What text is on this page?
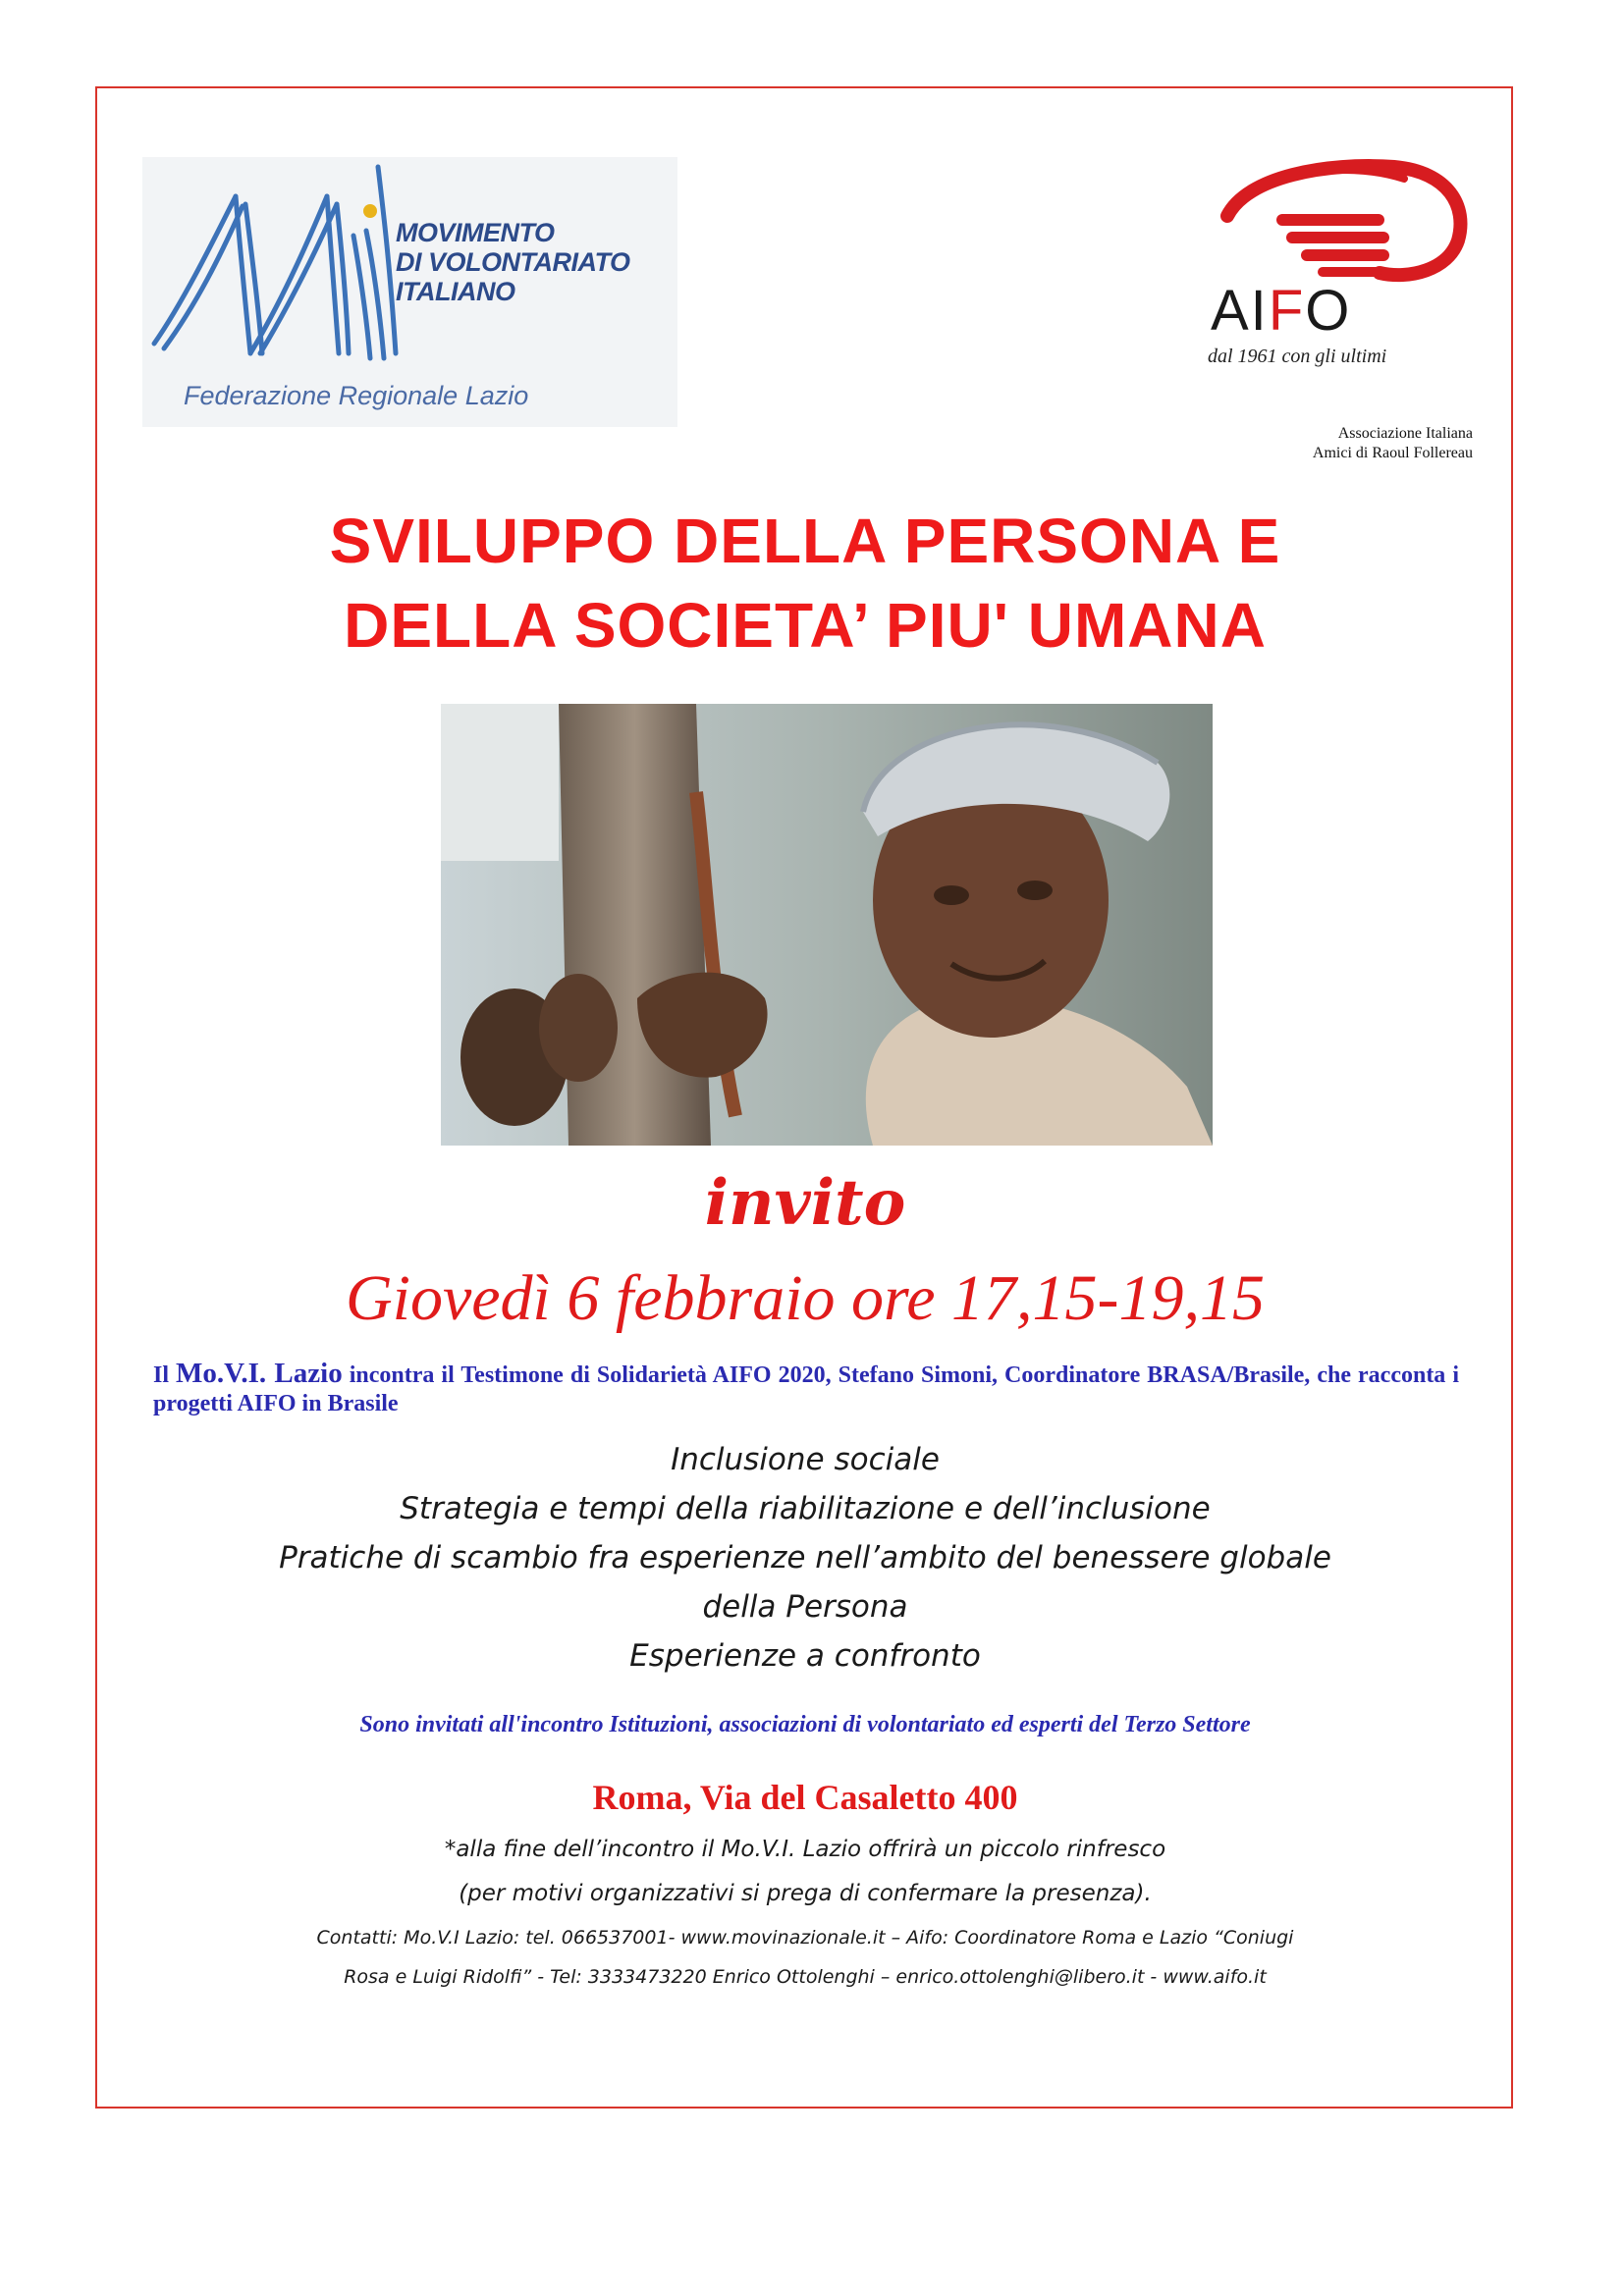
MOVIMENTO
DI VOLONTARIATO
ITALIANO
Federazione Regionale Lazio
AIFO
dal 1961 con gli ultimi
Associazione Italiana
Amici di Raoul Follereau
SVILUPPO DELLA PERSONA E
DELLA SOCIETA’ PIU' UMANA
invito
Giovedì 6 febbraio ore 17,15-19,15
Il Mo.V.I. Lazio incontra il Testimone di Solidarietà AIFO 2020, Stefano Simoni, Coordinatore BRASA/Brasile, che racconta i progetti AIFO in Brasile
Inclusione sociale
Strategia e tempi della riabilitazione e dell’inclusione
Pratiche di scambio fra esperienze nell’ambito del benessere globale
della Persona
Esperienze a confronto
Sono invitati all'incontro Istituzioni, associazioni di volontariato ed esperti del Terzo Settore
Roma, Via del Casaletto 400
*alla fine dell’incontro il Mo.V.I. Lazio offrirà un piccolo rinfresco
(per motivi organizzativi si prega di confermare la presenza).
Contatti: Mo.V.I Lazio: tel. 066537001- www.movinazionale.it – Aifo: Coordinatore Roma e Lazio “Coniugi
Rosa e Luigi Ridolfi” - Tel: 3333473220 Enrico Ottolenghi – enrico.ottolenghi@libero.it - www.aifo.it
